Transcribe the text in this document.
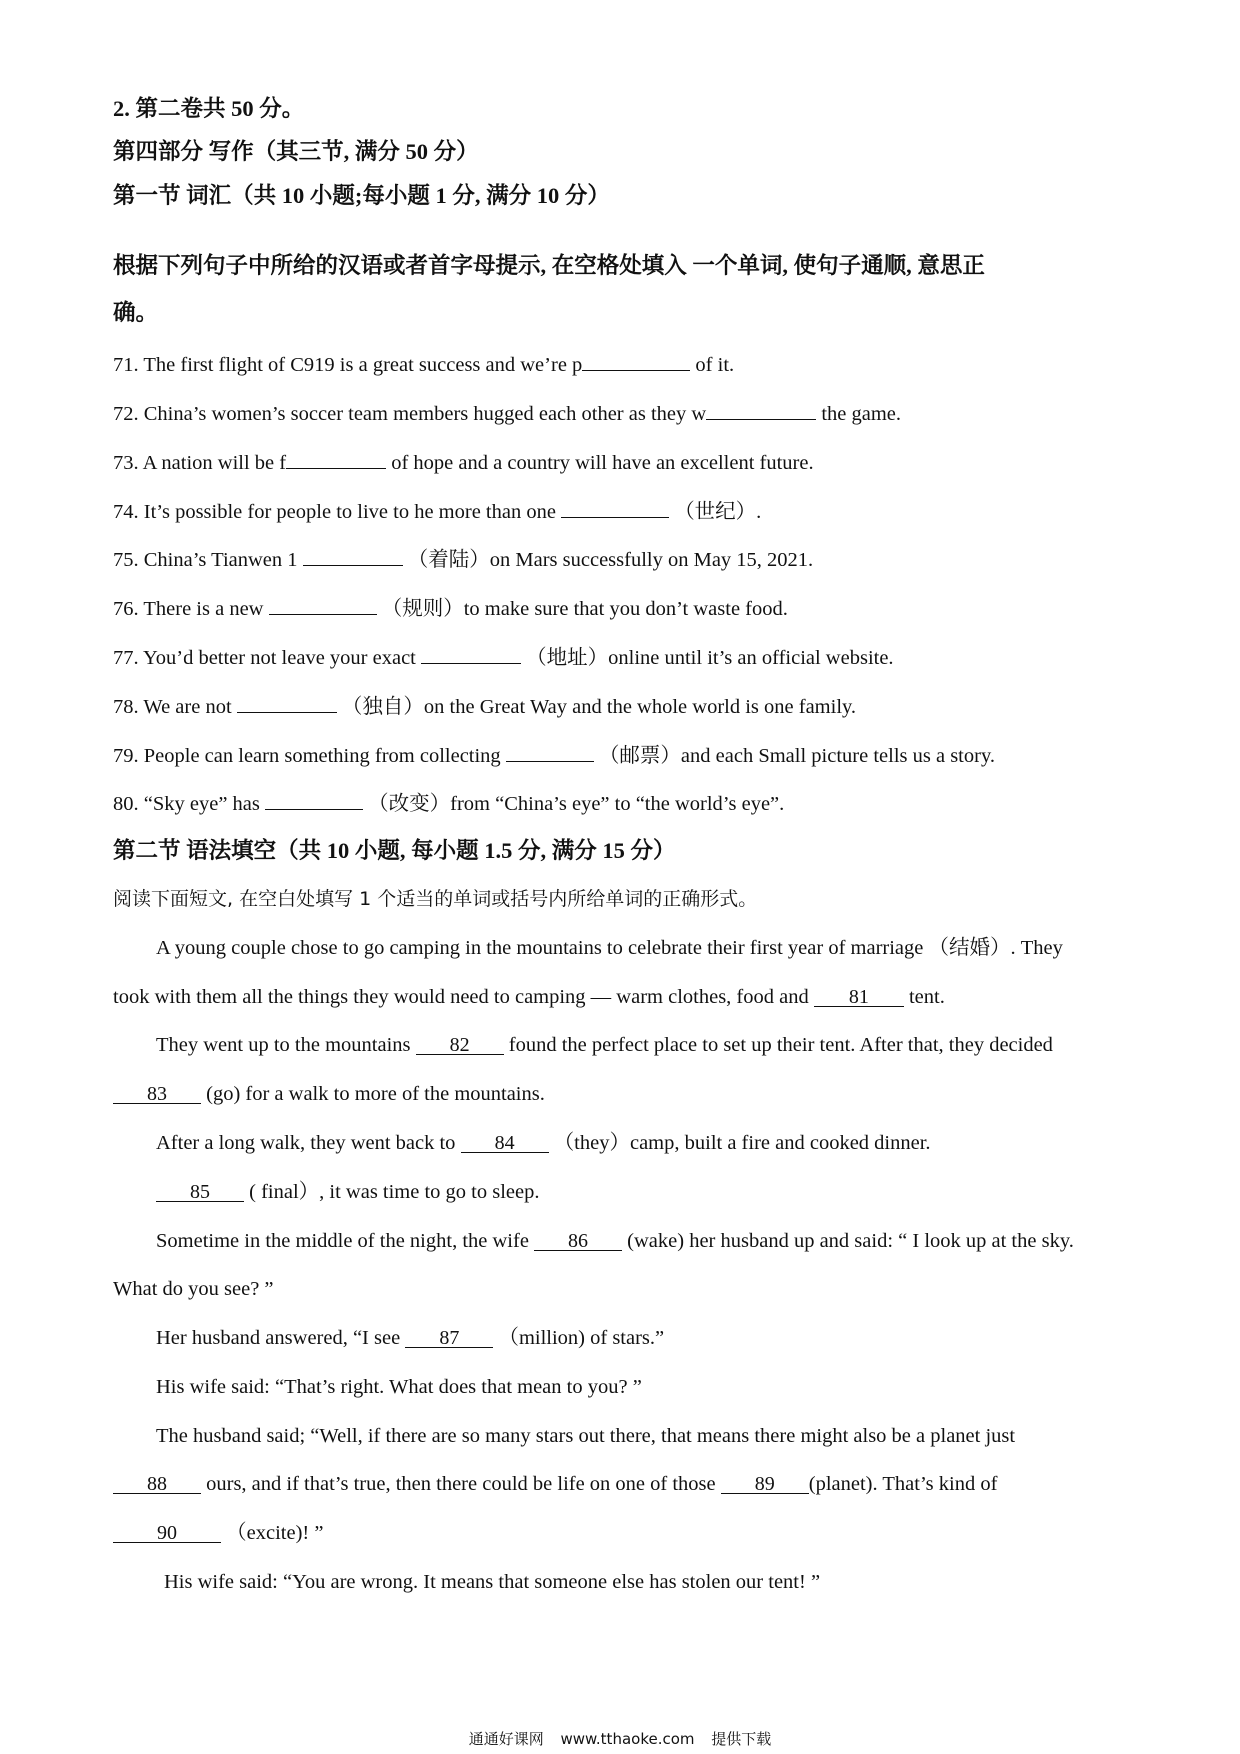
2. 第二卷共 50 分。
第四部分 写作（其三节, 满分 50 分）
第一节 词汇（共 10 小题;每小题 1 分, 满分 10 分）
根据下列句子中所给的汉语或者首字母提示, 在空格处填入 一个单词, 使句子通顺, 意思正
确。
71. The first flight of C919 is a great success and we’re p	of it.
72. China’s women’s soccer team members hugged each other as they w	the game.
73. A nation will be f	of hope and a country will have an excellent future.
74. It’s possible for people to live to he more than one	（世纪）.
75. China’s Tianwen 1	（着陆）on Mars successfully on May 15, 2021.
76. There is a new	（规则）to make sure that you don’t waste food.
77. You’d better not leave your exact	（地址）online until it’s an official website.
78. We are not	（独自）on the Great Way and the whole world is one family.
79. People can learn something from collecting	（邮票）and each Small picture tells us a story.
80. “Sky eye” has	（改变）from “China’s eye” to “the world’s eye”.
第二节 语法填空（共 10 小题, 每小题 1.5 分, 满分 15 分）
阅读下面短文, 在空白处填写 1 个适当的单词或括号内所给单词的正确形式。
A young couple chose to go camping in the mountains to celebrate their first year of marriage （结婚）. They
took with them all the things they would need to camping — warm clothes, food and 81 tent.
They went up to the mountains 82 found the perfect place to set up their tent. After that, they decided
83 (go) for a walk to more of the mountains.
After a long walk, they went back to 84 （they）camp, built a fire and cooked dinner.
85 ( final）, it was time to go to sleep.
Sometime in the middle of the night, the wife 86 (wake) her husband up and said: “ I look up at the sky.
What do you see? ”
Her husband answered, “I see 87 （million) of stars.”
His wife said: “That’s right. What does that mean to you? ”
The husband said; “Well, if there are so many stars out there, that means there might also be a planet just
88 ours, and if that’s true, then there could be life on one of those 89 (planet). That’s kind of
90 （excite)! ”
His wife said: “You are wrong. It means that someone else has stolen our tent! ”
通通好课网 www.tthaoke.com 提供下载
